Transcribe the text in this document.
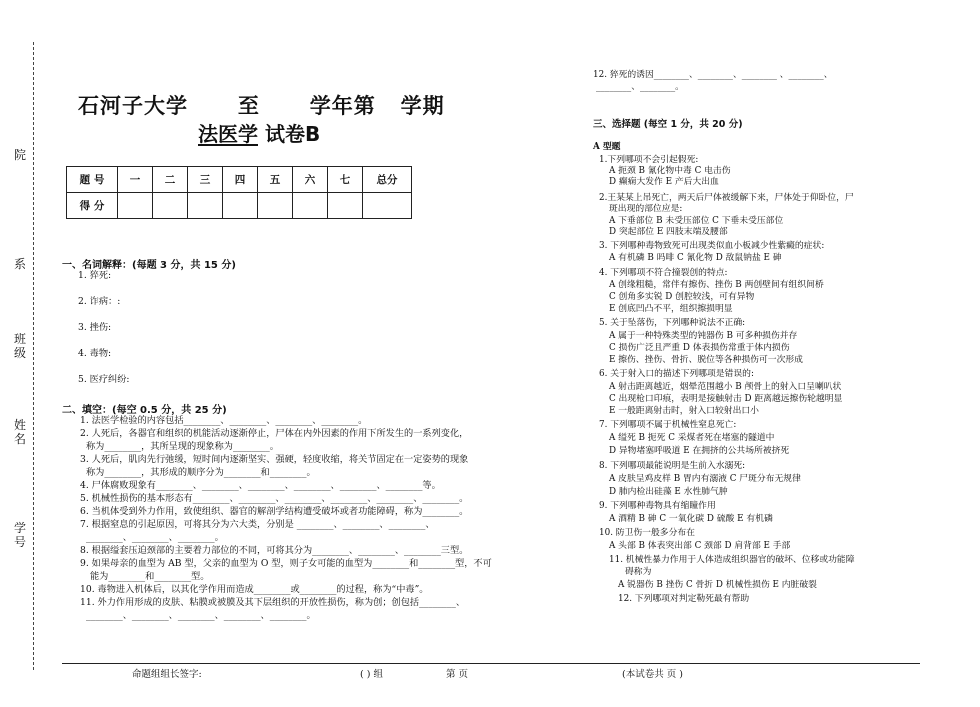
院
系
班级
姓名
学号
石河子大学      至      学年第   学期
法医学 试卷B
题 号	一	二	三	四	五	六	七	总分
得 分								
一、名词解释：(每题 3 分，共 15 分)
1. 猝死:
2. 诈病：:
3. 挫伤:
4. 毒物:
5. 医疗纠纷:
二、填空：(每空 0.5 分，共 25 分)
1. 法医学检验的内容包括________、________、________、________。
2. 人死后，各器官和组织的机能活动逐渐停止，尸体在内外因素的作用下所发生的一系列变化，
称为________，其所呈现的现象称为________。
3. 人死后，肌肉先行弛缓，短时间内逐渐坚实、强硬，轻度收缩，将关节固定在一定姿势的现象
称为________，其形成的顺序分为________和________。
4. 尸体腐败现象有________、________、________、________、________、________等。
5. 机械性损伤的基本形态有________、________、________、________、________、________。
6. 当机体受到外力作用，致使组织、器官的解剖学结构遭受破坏或者功能障碍，称为________。
7. 根据窒息的引起原因，可将其分为六大类，分别是 ________、________、________、
________、________、________。
8. 根据缢套压迫颈部的主要着力部位的不同，可将其分为________、________、________三型。
9. 如果母亲的血型为 AB 型，父亲的血型为 O 型，则子女可能的血型为________和________型，不可
能为________和________型。
10. 毒物进入机体后，以其化学作用而造成________或________的过程，称为“中毒”。
11. 外力作用形成的皮肤、粘膜或被膜及其下层组织的开放性损伤，称为创；创包括________、
________、________、________、________、________。
12. 猝死的诱因________、________、________ 、________、
________、________。
三、选择题 (每空 1 分，共 20 分)
A 型题
1.下列哪项不会引起假死:
A 扼颈 B 氰化物中毒 C 电击伤
D 癫痫大发作 E 产后大出血
2.王某某上吊死亡，两天后尸体被缓解下来，尸体处于仰卧位，尸
斑出现的部位应是:
A 下垂部位 B 未受压部位 C 下垂未受压部位
D 突起部位 E 四肢末端及腰部
3. 下列哪种毒物致死可出现类似血小板减少性紫癜的症状:
A 有机磷 B 吗啡 C 氰化物 D 敌鼠钠盐 E 砷
4. 下列哪项不符合撞裂创的特点:
A 创缘粗糙，常伴有擦伤、挫伤 B 两创壁间有组织间桥
C 创角多实锐 D 创腔较浅，可有异物
E 创底凹凸不平，组织擦损明显
5. 关于坠落伤，下列哪种说法不正确:
A 属于一种特殊类型的钝器伤 B 可多种损伤并存
C 损伤广泛且严重 D 体表损伤常重于体内损伤
E 擦伤、挫伤、骨折、脱位等各种损伤可一次形成
6. 关于射入口的描述下列哪项是错误的:
A 射击距离越近，烟晕范围越小 B 颅骨上的射入口呈喇叭状
C 出现枪口印痕，表明是接触射击 D 距离越远擦伤轮越明显
E 一般距离射击时，射入口较射出口小
7. 下列哪项不属于机械性窒息死亡:
A 缢死 B 扼死 C 采煤者死在堵塞的隧道中
D 异物堵塞呼吸道 E 在拥挤的公共场所被挤死
8. 下列哪项最能说明是生前入水溺死:
A 皮肤呈鸡皮样 B 胃内有溺液 C 尸斑分布无规律
D 肺内检出硅藻 E 水性肺气肿
9. 下列哪种毒物具有缩瞳作用
A 酒精 B 砷 C 一氧化碳 D 硫酸 E 有机磷
10. 防卫伤一般多分布在
A 头部 B 体表突出部 C 颈部 D 肩背部 E 手部
11. 机械性暴力作用于人体造成组织器官的破坏、位移或功能障
碍称为
A 锐器伤 B 挫伤 C 骨折 D 机械性损伤 E 内脏破裂
12. 下列哪项对判定勒死最有帮助
命题组组长签字:	( ) 组	第 页	(本试卷共 页 )
